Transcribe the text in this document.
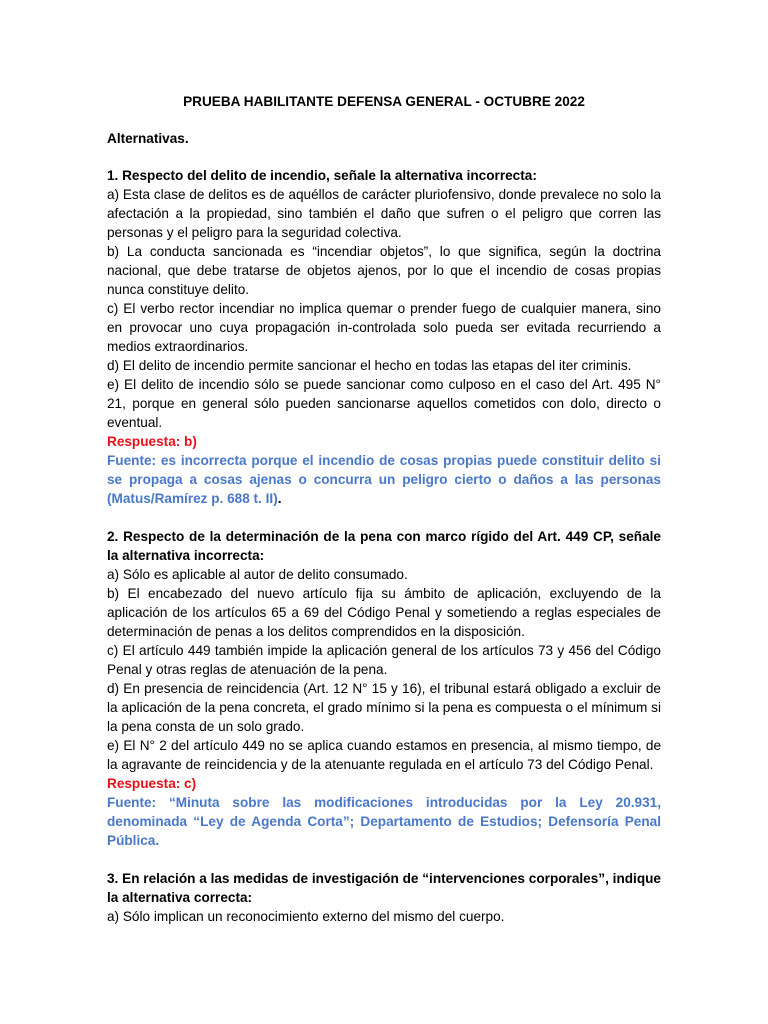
PRUEBA HABILITANTE DEFENSA GENERAL - OCTUBRE 2022
Alternativas.
1. Respecto del delito de incendio, señale la alternativa incorrecta:
a) Esta clase de delitos es de aquéllos de carácter pluriofensivo, donde prevalece no solo la afectación a la propiedad, sino también el daño que sufren o el peligro que corren las personas y el peligro para la seguridad colectiva.
b) La conducta sancionada es “incendiar objetos”, lo que significa, según la doctrina nacional, que debe tratarse de objetos ajenos, por lo que el incendio de cosas propias nunca constituye delito.
c) El verbo rector incendiar no implica quemar o prender fuego de cualquier manera, sino en provocar uno cuya propagación in-controlada solo pueda ser evitada recurriendo a medios extraordinarios.
d) El delito de incendio permite sancionar el hecho en todas las etapas del iter criminis.
e) El delito de incendio sólo se puede sancionar como culposo en el caso del Art. 495 N° 21, porque en general sólo pueden sancionarse aquellos cometidos con dolo, directo o eventual.
Respuesta: b)
Fuente: es incorrecta porque el incendio de cosas propias puede constituir delito si se propaga a cosas ajenas o concurra un peligro cierto o daños a las personas (Matus/Ramírez p. 688 t. II).
2. Respecto de la determinación de la pena con marco rígido del Art. 449 CP, señale la alternativa incorrecta:
a) Sólo es aplicable al autor de delito consumado.
b) El encabezado del nuevo artículo fija su ámbito de aplicación, excluyendo de la aplicación de los artículos 65 a 69 del Código Penal y sometiendo a reglas especiales de determinación de penas a los delitos comprendidos en la disposición.
c) El artículo 449 también impide la aplicación general de los artículos 73 y 456 del Código Penal y otras reglas de atenuación de la pena.
d) En presencia de reincidencia (Art. 12 N° 15 y 16), el tribunal estará obligado a excluir de la aplicación de la pena concreta, el grado mínimo si la pena es compuesta o el mínimum si la pena consta de un solo grado.
e) El N° 2 del artículo 449 no se aplica cuando estamos en presencia, al mismo tiempo, de la agravante de reincidencia y de la atenuante regulada en el artículo 73 del Código Penal.
Respuesta: c)
Fuente: “Minuta sobre las modificaciones introducidas por la Ley 20.931, denominada “Ley de Agenda Corta”; Departamento de Estudios; Defensoría Penal Pública.
3. En relación a las medidas de investigación de “intervenciones corporales”, indique la alternativa correcta:
a) Sólo implican un reconocimiento externo del mismo del cuerpo.
